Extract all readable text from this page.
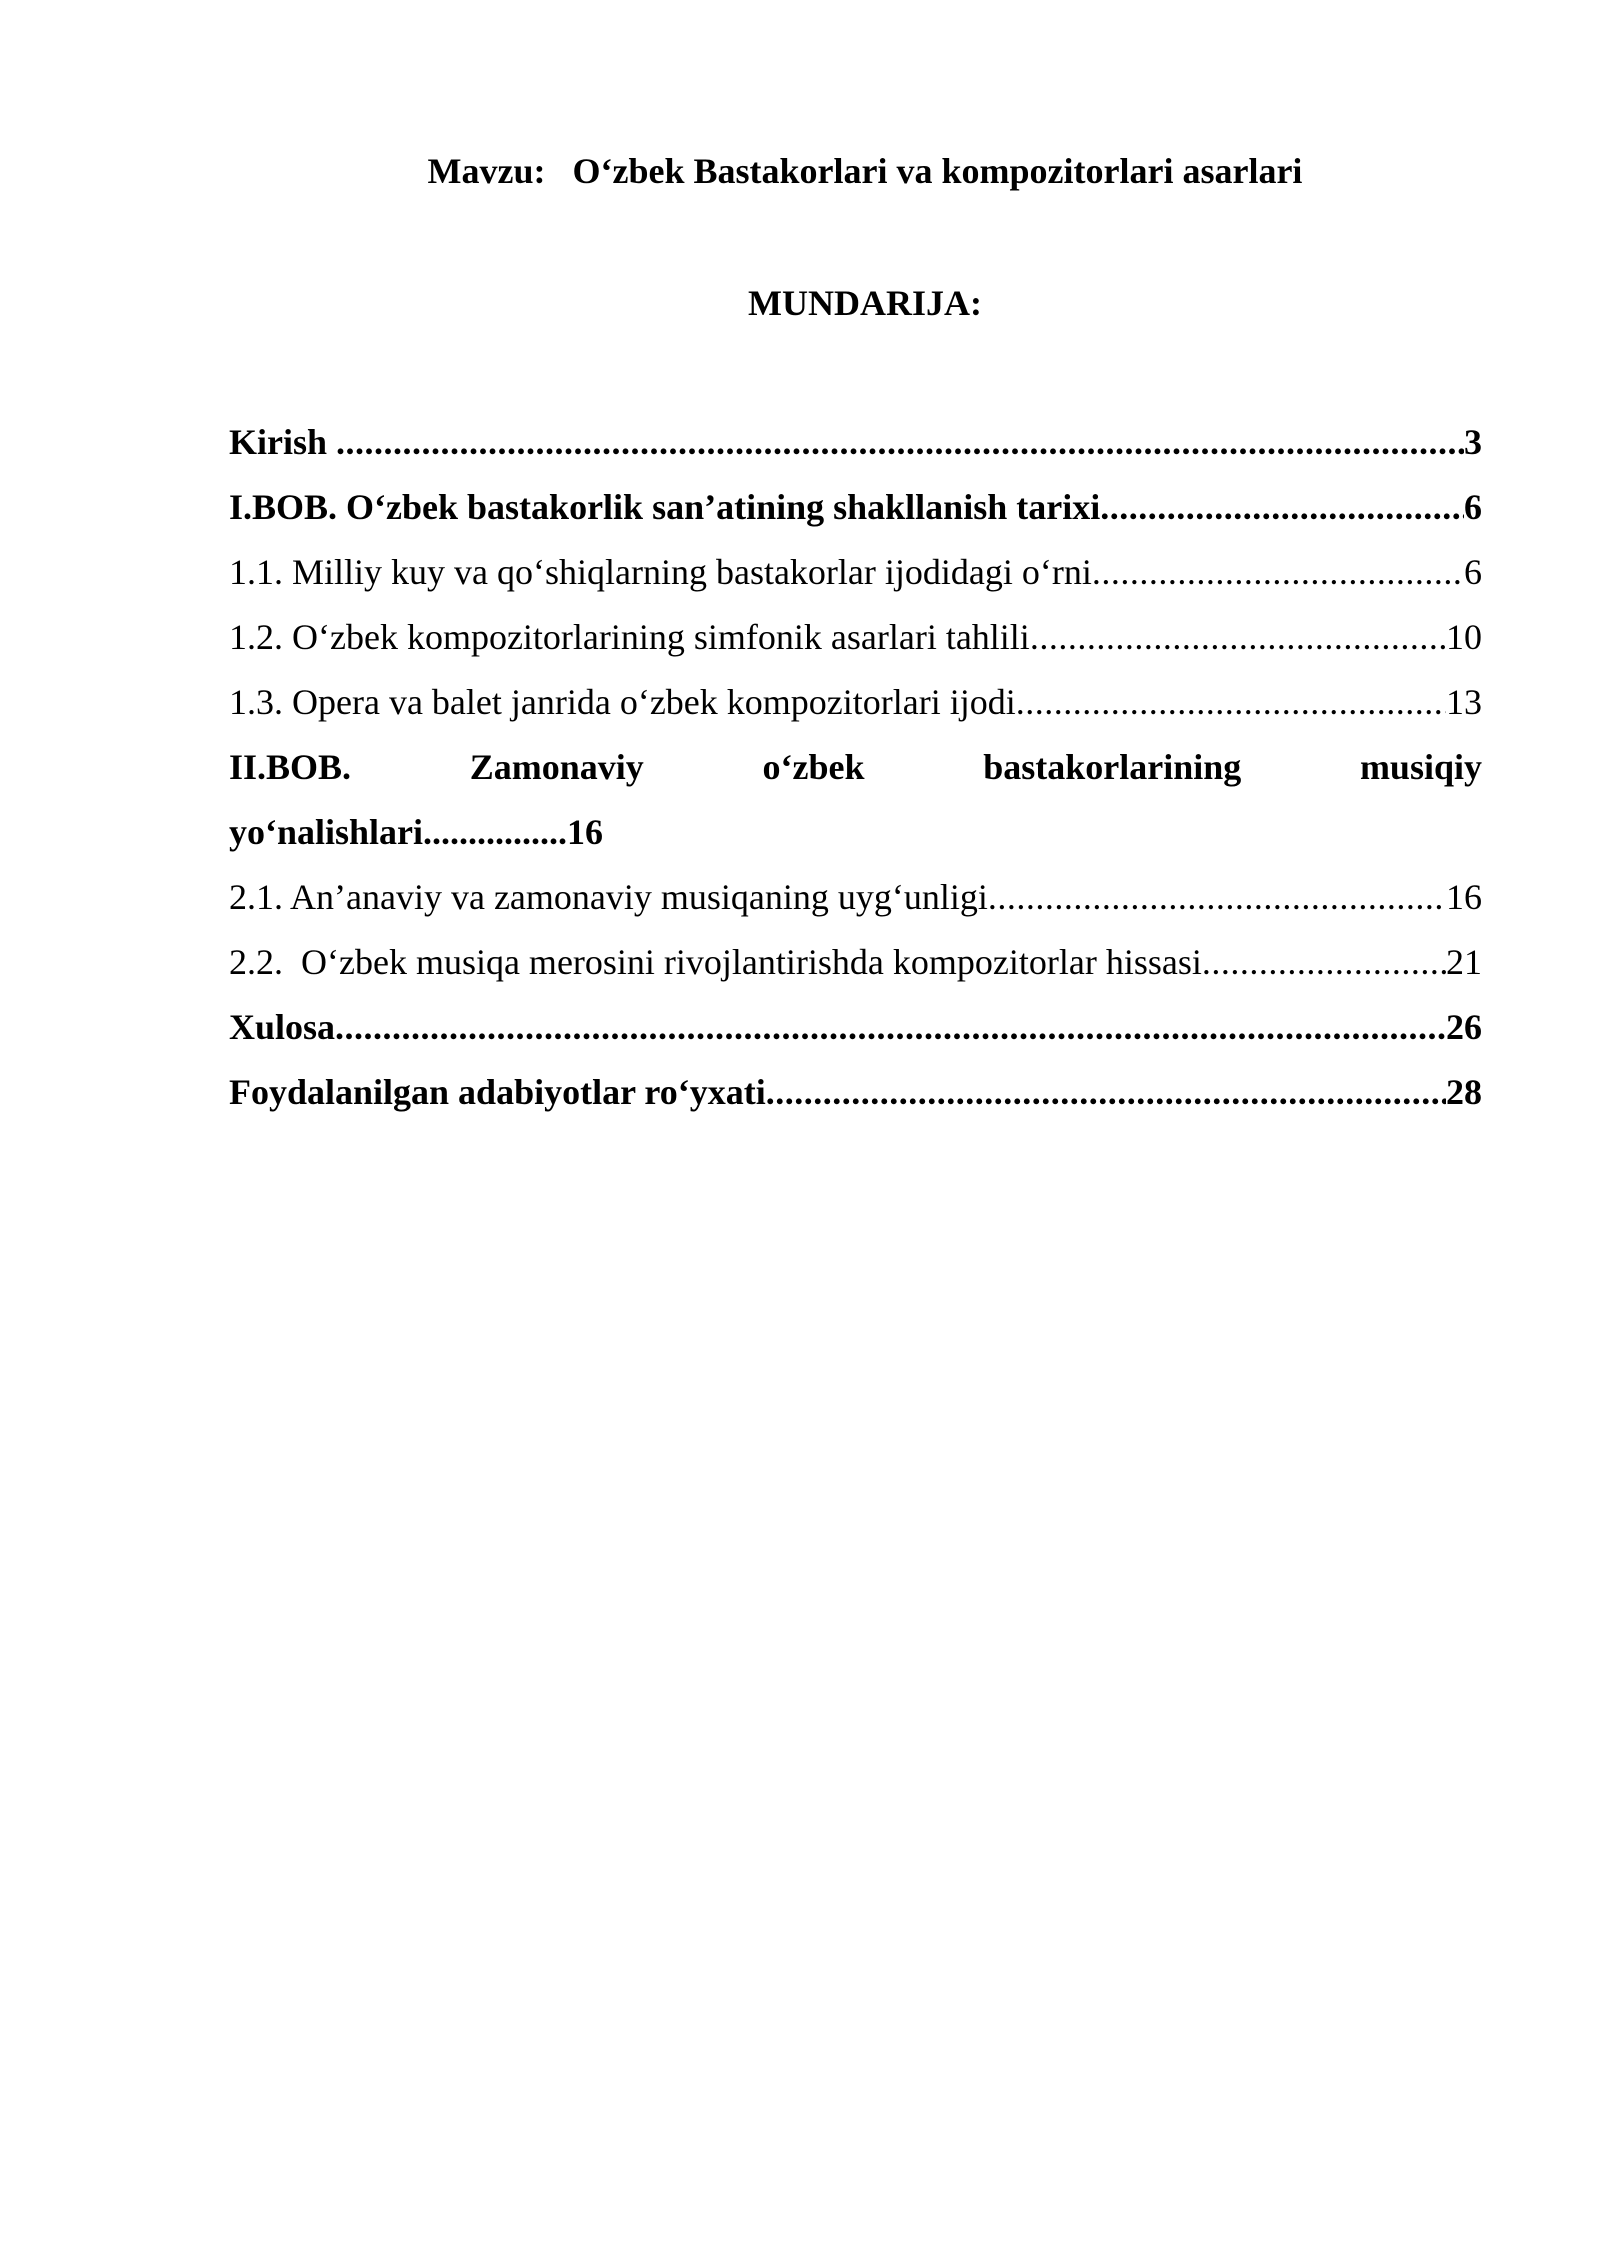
Mavzu:   O‘zbek Bastakorlari va kompozitorlari asarlari
MUNDARIJA:
Kirish .....	3
I.BOB. O‘zbek bastakorlik san’atining shakllanish tarixi .....	6
1.1. Milliy kuy va qo‘shiqlarning bastakorlar ijodidagi o‘rni .....	6
1.2. O‘zbek kompozitorlarining simfonik asarlari tahlili .....	10
1.3. Opera va balet janrida o‘zbek kompozitorlari ijodi .....	13
II.BOB.	Zamonaviy	o‘zbek	bastakorlarining	musiqiy
yo‘nalishlari ................ 16
2.1. An’anaviy va zamonaviy musiqaning uyg‘unligi .....	16
2.2.  O‘zbek musiqa merosini rivojlantirishda kompozitorlar hissasi .....	21
Xulosa .....	26
Foydalanilgan adabiyotlar ro‘yxati .....	28
